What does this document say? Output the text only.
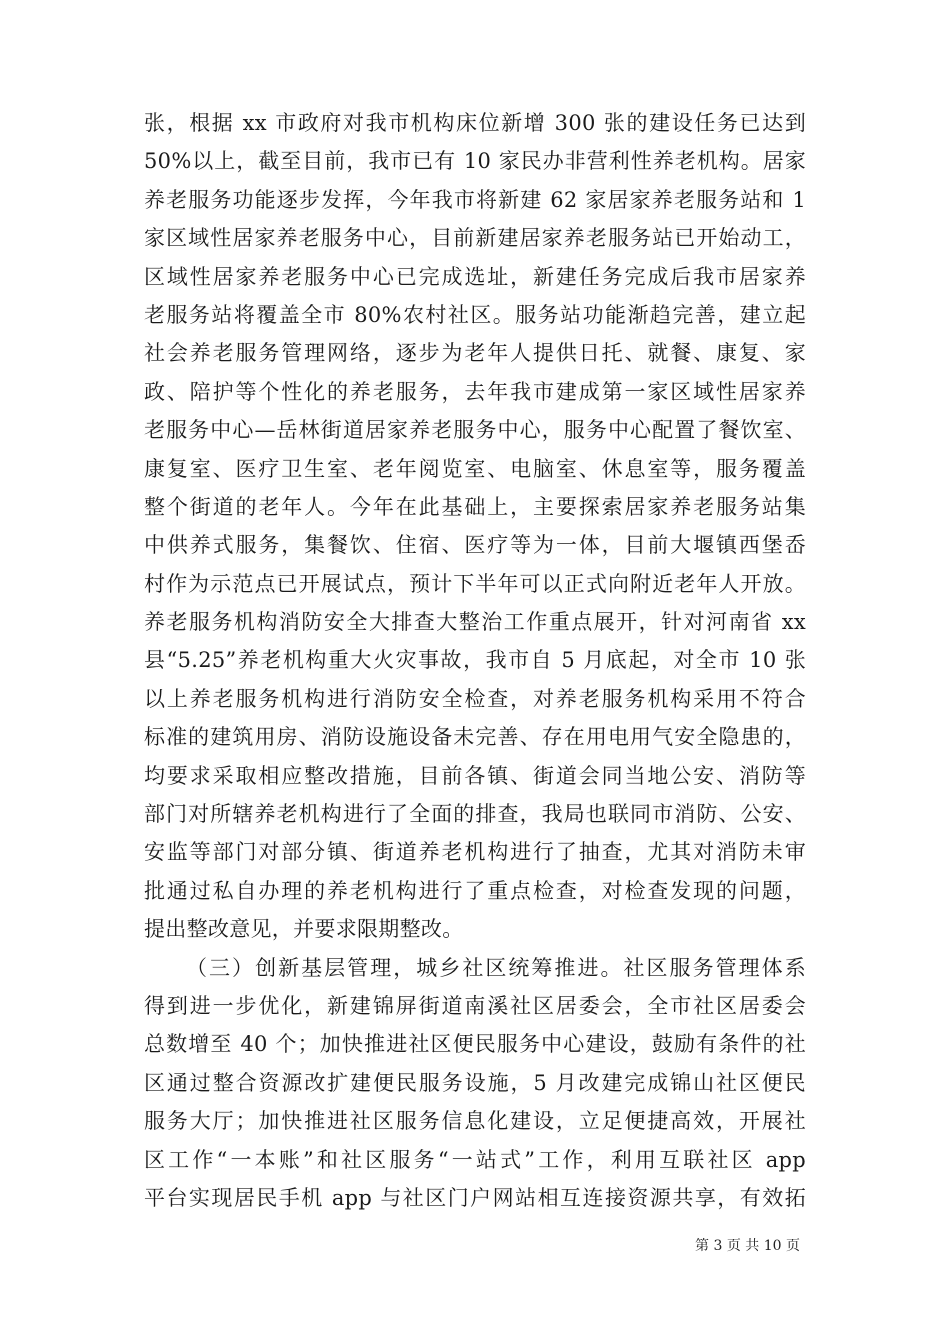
张，根据 xx 市政府对我市机构床位新增 300 张的建设任务已达到
50%以上，截至目前，我市已有 10 家民办非营利性养老机构。居家
养老服务功能逐步发挥，今年我市将新建 62 家居家养老服务站和 1
家区域性居家养老服务中心，目前新建居家养老服务站已开始动工，
区域性居家养老服务中心已完成选址，新建任务完成后我市居家养
老服务站将覆盖全市 80%农村社区。服务站功能渐趋完善，建立起
社会养老服务管理网络，逐步为老年人提供日托、就餐、康复、家
政、陪护等个性化的养老服务，去年我市建成第一家区域性居家养
老服务中心—岳林街道居家养老服务中心，服务中心配置了餐饮室、
康复室、医疗卫生室、老年阅览室、电脑室、休息室等，服务覆盖
整个街道的老年人。今年在此基础上，主要探索居家养老服务站集
中供养式服务，集餐饮、住宿、医疗等为一体，目前大堰镇西堡岙
村作为示范点已开展试点，预计下半年可以正式向附近老年人开放。
养老服务机构消防安全大排查大整治工作重点展开，针对河南省 xx
县“5.25”养老机构重大火灾事故，我市自 5 月底起，对全市 10 张
以上养老服务机构进行消防安全检查，对养老服务机构采用不符合
标准的建筑用房、消防设施设备未完善、存在用电用气安全隐患的，
均要求采取相应整改措施，目前各镇、街道会同当地公安、消防等
部门对所辖养老机构进行了全面的排查，我局也联同市消防、公安、
安监等部门对部分镇、街道养老机构进行了抽查，尤其对消防未审
批通过私自办理的养老机构进行了重点检查，对检查发现的问题，
提出整改意见，并要求限期整改。
（三）创新基层管理，城乡社区统筹推进。社区服务管理体系
得到进一步优化，新建锦屏街道南溪社区居委会，全市社区居委会
总数增至 40 个；加快推进社区便民服务中心建设，鼓励有条件的社
区通过整合资源改扩建便民服务设施，5 月改建完成锦山社区便民
服务大厅；加快推进社区服务信息化建设，立足便捷高效，开展社
区工作“一本账”和社区服务“一站式”工作，利用互联社区 app
平台实现居民手机 app 与社区门户网站相互连接资源共享，有效拓
第 3 页 共 10 页
